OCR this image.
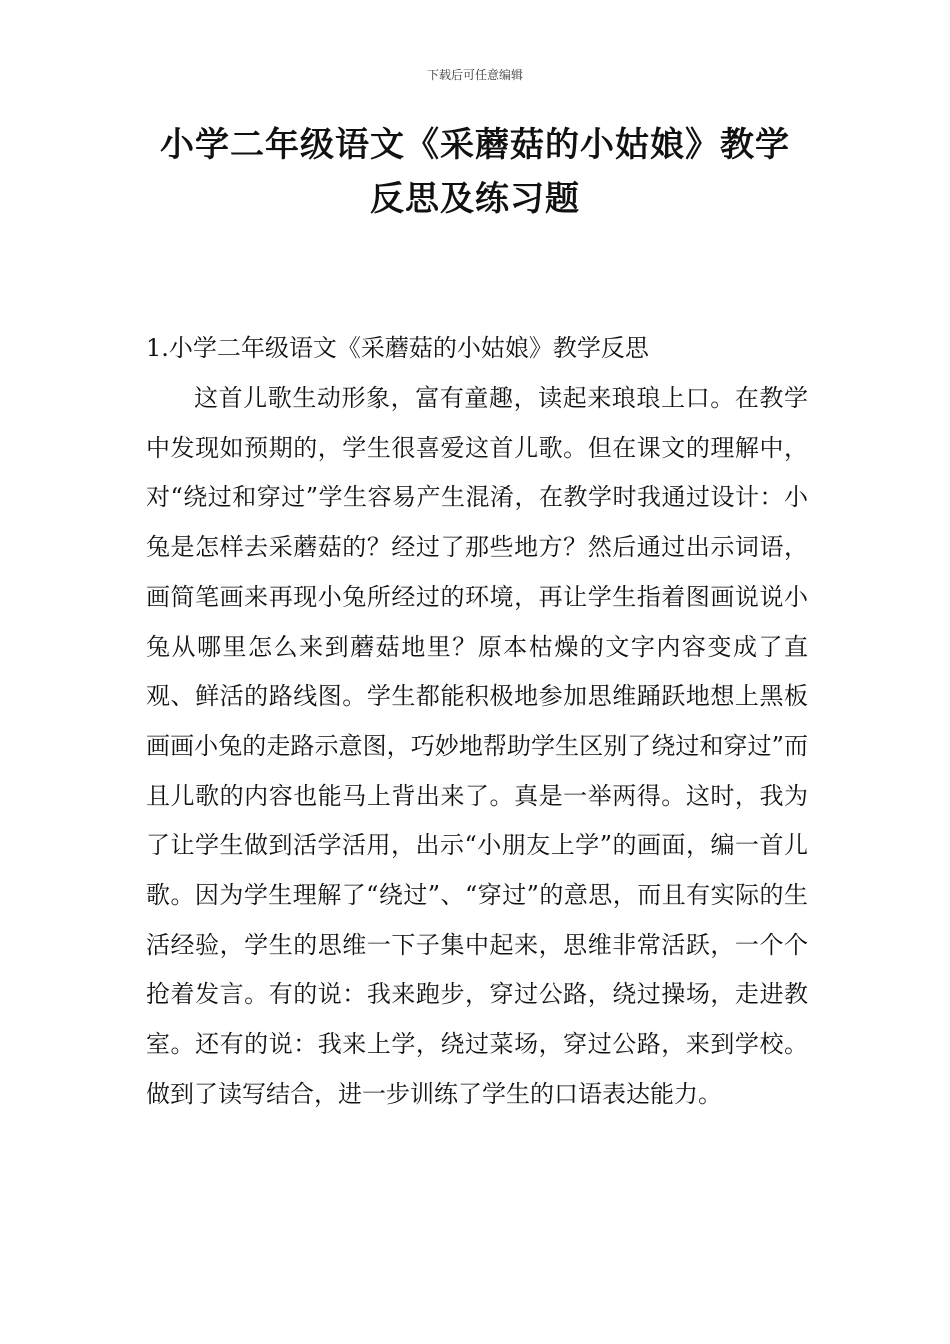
下载后可任意编辑
小学二年级语文《采蘑菇的小姑娘》教学
反思及练习题
1.小学二年级语文《采蘑菇的小姑娘》教学反思

这首儿歌生动形象，富有童趣，读起来琅琅上口。在教学中发现如预期的，学生很喜爱这首儿歌。但在课文的理解中，对“绕过和穿过”学生容易产生混淆，在教学时我通过设计：小兔是怎样去采蘑菇的？经过了那些地方？然后通过出示词语，画简笔画来再现小兔所经过的环境，再让学生指着图画说说小兔从哪里怎么来到蘑菇地里？原本枯燥的文字内容变成了直观、鲜活的路线图。学生都能积极地参加思维踊跃地想上黑板画画小兔的走路示意图，巧妙地帮助学生区别了绕过和穿过”而且儿歌的内容也能马上背出来了。真是一举两得。这时，我为了让学生做到活学活用，出示“小朋友上学”的画面，编一首儿歌。因为学生理解了“绕过”、“穿过”的意思，而且有实际的生活经验，学生的思维一下子集中起来，思维非常活跃，一个个抢着发言。有的说：我来跑步，穿过公路，绕过操场，走进教室。还有的说：我来上学，绕过菜场，穿过公路，来到学校。做到了读写结合，进一步训练了学生的口语表达能力。
